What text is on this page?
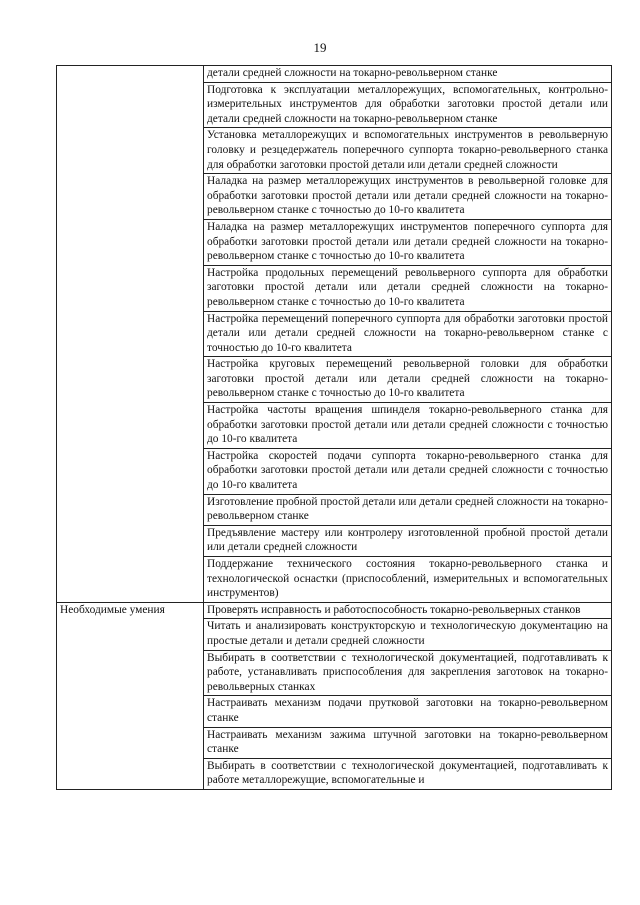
19
	детали средней сложности на токарно-револьверном станке
	Подготовка к эксплуатации металлорежущих, вспомогательных, контрольно-измерительных инструментов для обработки заготовки простой детали или детали средней сложности на токарно-револьверном станке
	Установка металлорежущих и вспомогательных инструментов в револьверную головку и резцедержатель поперечного суппорта токарно-револьверного станка для обработки заготовки простой детали или детали средней сложности
	Наладка на размер металлорежущих инструментов в револьверной головке для обработки заготовки простой детали или детали средней сложности на токарно-револьверном станке с точностью до 10-го квалитета
	Наладка на размер металлорежущих инструментов поперечного суппорта для обработки заготовки простой детали или детали средней сложности на токарно-револьверном станке с точностью до 10-го квалитета
	Настройка продольных перемещений револьверного суппорта для обработки заготовки простой детали или детали средней сложности на токарно-револьверном станке с точностью до 10-го квалитета
	Настройка перемещений поперечного суппорта для обработки заготовки простой детали или детали средней сложности на токарно-револьверном станке с точностью до 10-го квалитета
	Настройка круговых перемещений револьверной головки для обработки заготовки простой детали или детали средней сложности на токарно-револьверном станке с точностью до 10-го квалитета
	Настройка частоты вращения шпинделя токарно-револьверного станка для обработки заготовки простой детали или детали средней сложности с точностью до 10-го квалитета
	Настройка скоростей подачи суппорта токарно-револьверного станка для обработки заготовки простой детали или детали средней сложности с точностью до 10-го квалитета
	Изготовление пробной простой детали или детали средней сложности на токарно-револьверном станке
	Предъявление мастеру или контролеру изготовленной пробной простой детали или детали средней сложности
	Поддержание технического состояния токарно-револьверного станка и технологической оснастки (приспособлений, измерительных и вспомогательных инструментов)
Необходимые умения	Проверять исправность и работоспособность токарно-револьверных станков
	Читать и анализировать конструкторскую и технологическую документацию на простые детали и детали средней сложности
	Выбирать в соответствии с технологической документацией, подготавливать к работе, устанавливать приспособления для закрепления заготовок на токарно-револьверных станках
	Настраивать механизм подачи прутковой заготовки на токарно-револьверном станке
	Настраивать механизм зажима штучной заготовки на токарно-револьверном станке
	Выбирать в соответствии с технологической документацией, подготавливать к работе металлорежущие, вспомогательные и
